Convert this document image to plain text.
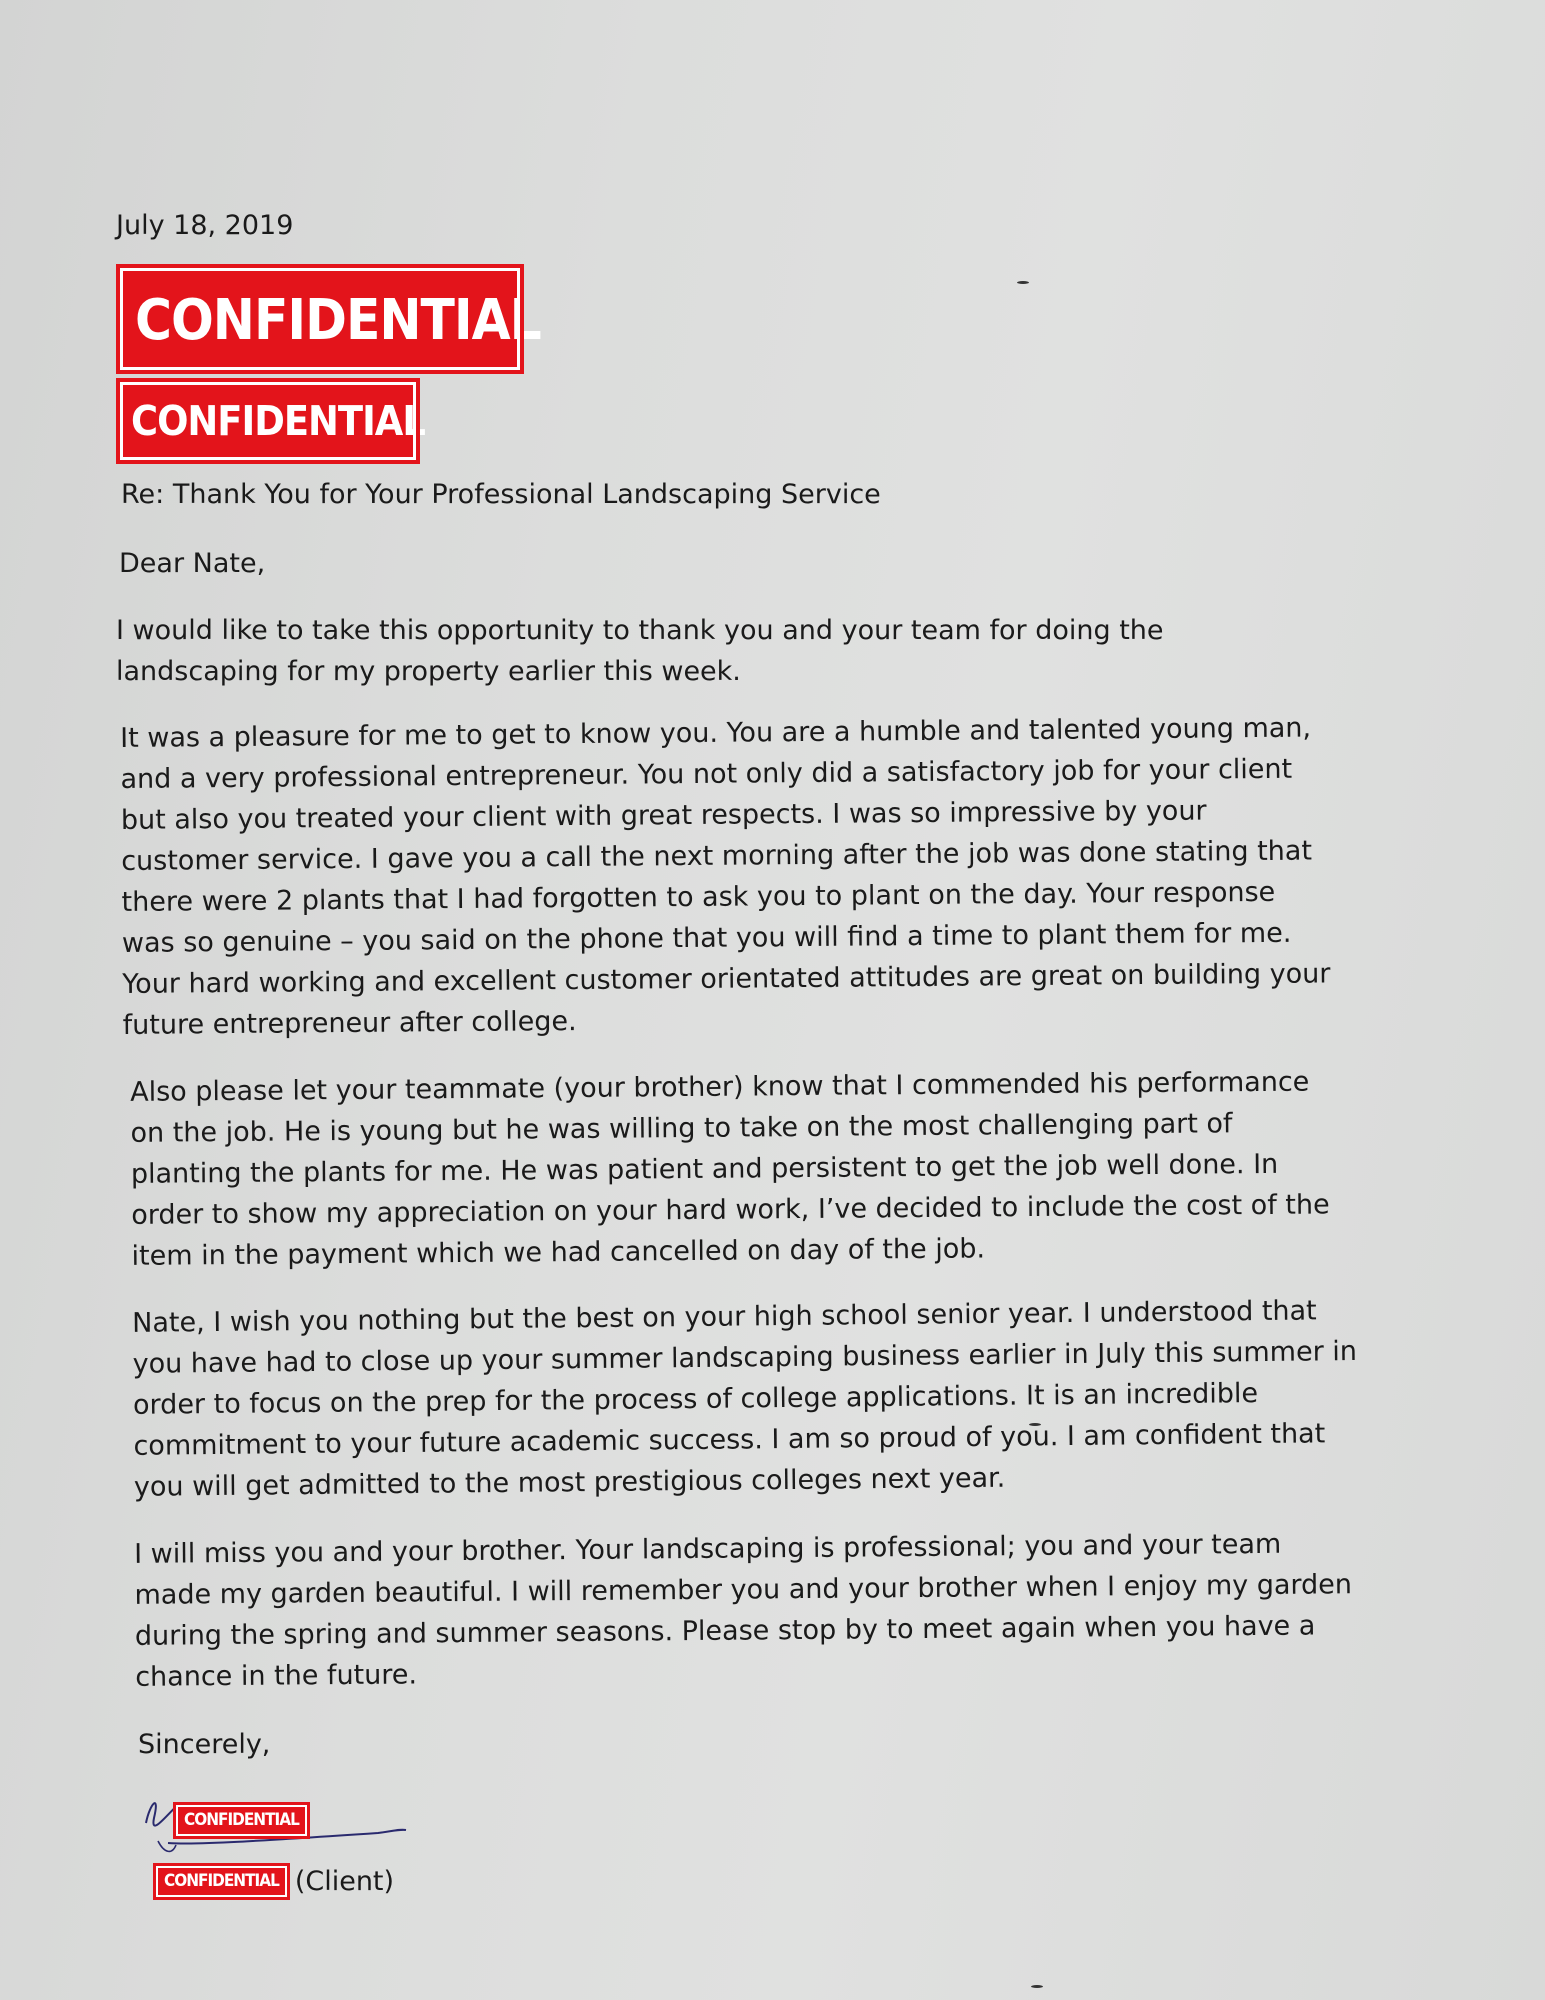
July 18, 2019
CONFIDENTIAL
CONFIDENTIAL
Re: Thank You for Your Professional Landscaping Service
Dear Nate,

I would like to take this opportunity to thank you and your team for doing the landscaping for my property earlier this week.

It was a pleasure for me to get to know you. You are a humble and talented young man, and a very professional entrepreneur. You not only did a satisfactory job for your client but also you treated your client with great respects. I was so impressive by your customer service. I gave you a call the next morning after the job was done stating that there were 2 plants that I had forgotten to ask you to plant on the day. Your response was so genuine – you said on the phone that you will find a time to plant them for me. Your hard working and excellent customer orientated attitudes are great on building your future entrepreneur after college.

Also please let your teammate (your brother) know that I commended his performance on the job. He is young but he was willing to take on the most challenging part of planting the plants for me. He was patient and persistent to get the job well done. In order to show my appreciation on your hard work, I’ve decided to include the cost of the item in the payment which we had cancelled on day of the job.

Nate, I wish you nothing but the best on your high school senior year. I understood that you have had to close up your summer landscaping business earlier in July this summer in order to focus on the prep for the process of college applications. It is an incredible commitment to your future academic success. I am so proud of you. I am confident that you will get admitted to the most prestigious colleges next year.

I will miss you and your brother. Your landscaping is professional; you and your team made my garden beautiful. I will remember you and your brother when I enjoy my garden during the spring and summer seasons. Please stop by to meet again when you have a chance in the future.

Sincerely,
CONFIDENTIAL
CONFIDENTIAL (Client)
